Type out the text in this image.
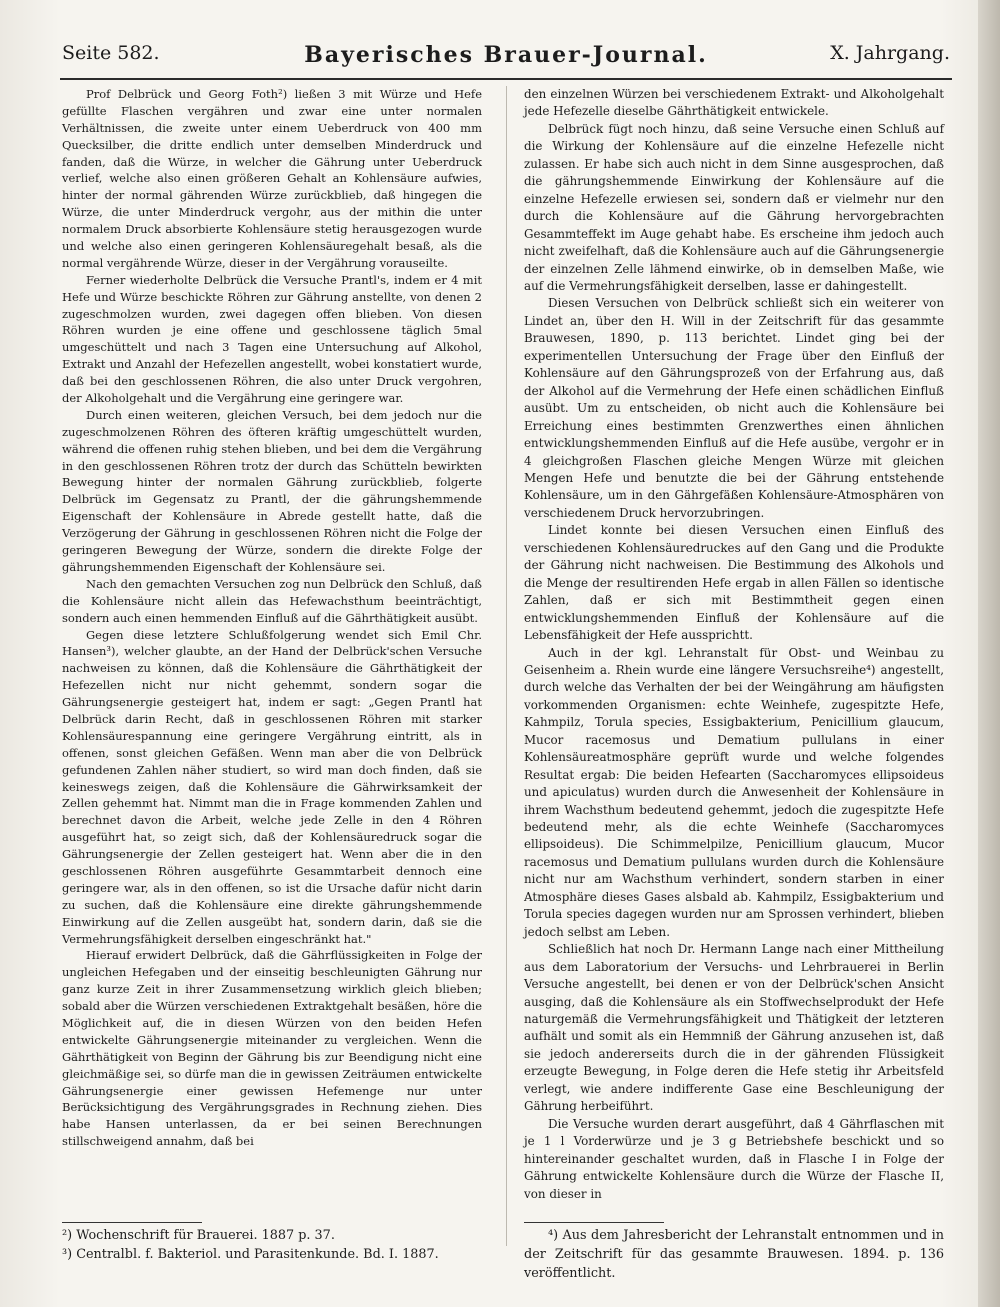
Seite 582.	Bayerisches Brauer-Journal.	X. Jahrgang.

Prof Delbrück und Georg Foth²) ließen 3 mit Würze und Hefe gefüllte Flaschen vergähren und zwar eine unter normalen Verhältnissen, die zweite unter einem Ueberdruck von 400 mm Quecksilber, die dritte endlich unter demselben Minderdruck und fanden, daß die Würze, in welcher die Gährung unter Ueberdruck verlief, welche also einen größeren Gehalt an Kohlensäure aufwies, hinter der normal gährenden Würze zurückblieb, daß hingegen die Würze, die unter Minderdruck vergohr, aus der mithin die unter normalem Druck absorbierte Kohlensäure stetig herausgezogen wurde und welche also einen geringeren Kohlensäuregehalt besaß, als die normal vergährende Würze, dieser in der Vergährung vorauseilte.

Ferner wiederholte Delbrück die Versuche Prantl's, indem er 4 mit Hefe und Würze beschickte Röhren zur Gährung anstellte, von denen 2 zugeschmolzen wurden, zwei dagegen offen blieben. Von diesen Röhren wurden je eine offene und geschlossene täglich 5mal umgeschüttelt und nach 3 Tagen eine Untersuchung auf Alkohol, Extrakt und Anzahl der Hefezellen angestellt, wobei konstatiert wurde, daß bei den geschlossenen Röhren, die also unter Druck vergohren, der Alkoholgehalt und die Vergährung eine geringere war.

Durch einen weiteren, gleichen Versuch, bei dem jedoch nur die zugeschmolzenen Röhren des öfteren kräftig umgeschüttelt wurden, während die offenen ruhig stehen blieben, und bei dem die Vergährung in den geschlossenen Röhren trotz der durch das Schütteln bewirkten Bewegung hinter der normalen Gährung zurückblieb, folgerte Delbrück im Gegensatz zu Prantl, der die gährungshemmende Eigenschaft der Kohlensäure in Abrede gestellt hatte, daß die Verzögerung der Gährung in geschlossenen Röhren nicht die Folge der geringeren Bewegung der Würze, sondern die direkte Folge der gährungshemmenden Eigenschaft der Kohlensäure sei.

Nach den gemachten Versuchen zog nun Delbrück den Schluß, daß die Kohlensäure nicht allein das Hefewachsthum beeinträchtigt, sondern auch einen hemmenden Einfluß auf die Gährthätigkeit ausübt.

Gegen diese letztere Schlußfolgerung wendet sich Emil Chr. Hansen³), welcher glaubte, an der Hand der Delbrück'schen Versuche nachweisen zu können, daß die Kohlensäure die Gährthätigkeit der Hefezellen nicht nur nicht gehemmt, sondern sogar die Gährungsenergie gesteigert hat, indem er sagt: „Gegen Prantl hat Delbrück darin Recht, daß in geschlossenen Röhren mit starker Kohlensäurespannung eine geringere Vergährung eintritt, als in offenen, sonst gleichen Gefäßen. Wenn man aber die von Delbrück gefundenen Zahlen näher studiert, so wird man doch finden, daß sie keineswegs zeigen, daß die Kohlensäure die Gährwirksamkeit der Zellen gehemmt hat. Nimmt man die in Frage kommenden Zahlen und berechnet davon die Arbeit, welche jede Zelle in den 4 Röhren ausgeführt hat, so zeigt sich, daß der Kohlensäuredruck sogar die Gährungsenergie der Zellen gesteigert hat. Wenn aber die in den geschlossenen Röhren ausgeführte Gesammtarbeit dennoch eine geringere war, als in den offenen, so ist die Ursache dafür nicht darin zu suchen, daß die Kohlensäure eine direkte gährungshemmende Einwirkung auf die Zellen ausgeübt hat, sondern darin, daß sie die Vermehrungsfähigkeit derselben eingeschränkt hat."

Hierauf erwidert Delbrück, daß die Gährflüssigkeiten in Folge der ungleichen Hefegaben und der einseitig beschleunigten Gährung nur ganz kurze Zeit in ihrer Zusammensetzung wirklich gleich blieben; sobald aber die Würzen verschiedenen Extraktgehalt besäßen, höre die Möglichkeit auf, die in diesen Würzen von den beiden Hefen entwickelte Gährungsenergie miteinander zu vergleichen. Wenn die Gährthätigkeit von Beginn der Gährung bis zur Beendigung nicht eine gleichmäßige sei, so dürfe man die in gewissen Zeiträumen entwickelte Gährungsenergie einer gewissen Hefemenge nur unter Berücksichtigung des Vergährungsgrades in Rechnung ziehen. Dies habe Hansen unterlassen, da er bei seinen Berechnungen stillschweigend annahm, daß bei

den einzelnen Würzen bei verschiedenem Extrakt- und Alkoholgehalt jede Hefezelle dieselbe Gährthätigkeit entwickele.

Delbrück fügt noch hinzu, daß seine Versuche einen Schluß auf die Wirkung der Kohlensäure auf die einzelne Hefezelle nicht zulassen. Er habe sich auch nicht in dem Sinne ausgesprochen, daß die gährungshemmende Einwirkung der Kohlensäure auf die einzelne Hefezelle erwiesen sei, sondern daß er vielmehr nur den durch die Kohlensäure auf die Gährung hervorgebrachten Gesammteffekt im Auge gehabt habe. Es erscheine ihm jedoch auch nicht zweifelhaft, daß die Kohlensäure auch auf die Gährungsenergie der einzelnen Zelle lähmend einwirke, ob in demselben Maße, wie auf die Vermehrungsfähigkeit derselben, lasse er dahingestellt.

Diesen Versuchen von Delbrück schließt sich ein weiterer von Lindet an, über den H. Will in der Zeitschrift für das gesammte Brauwesen, 1890, p. 113 berichtet. Lindet ging bei der experimentellen Untersuchung der Frage über den Einfluß der Kohlensäure auf den Gährungsprozeß von der Erfahrung aus, daß der Alkohol auf die Vermehrung der Hefe einen schädlichen Einfluß ausübt. Um zu entscheiden, ob nicht auch die Kohlensäure bei Erreichung eines bestimmten Grenzwerthes einen ähnlichen entwicklungshemmenden Einfluß auf die Hefe ausübe, vergohr er in 4 gleichgroßen Flaschen gleiche Mengen Würze mit gleichen Mengen Hefe und benutzte die bei der Gährung entstehende Kohlensäure, um in den Gährgefäßen Kohlensäure-Atmosphären von verschiedenem Druck hervorzubringen.

Lindet konnte bei diesen Versuchen einen Einfluß des verschiedenen Kohlensäuredruckes auf den Gang und die Produkte der Gährung nicht nachweisen. Die Bestimmung des Alkohols und die Menge der resultirenden Hefe ergab in allen Fällen so identische Zahlen, daß er sich mit Bestimmtheit gegen einen entwicklungshemmenden Einfluß der Kohlensäure auf die Lebensfähigkeit der Hefe aussprichtt.

Auch in der kgl. Lehranstalt für Obst- und Weinbau zu Geisenheim a. Rhein wurde eine längere Versuchsreihe⁴) angestellt, durch welche das Verhalten der bei der Weingährung am häufigsten vorkommenden Organismen: echte Weinhefe, zugespitzte Hefe, Kahmpilz, Torula species, Essigbakterium, Penicillium glaucum, Mucor racemosus und Dematium pullulans in einer Kohlensäureatmosphäre geprüft wurde und welche folgendes Resultat ergab: Die beiden Hefearten (Saccharomyces ellipsoideus und apiculatus) wurden durch die Anwesenheit der Kohlensäure in ihrem Wachsthum bedeutend gehemmt, jedoch die zugespitzte Hefe bedeutend mehr, als die echte Weinhefe (Saccharomyces ellipsoideus). Die Schimmelpilze, Penicillium glaucum, Mucor racemosus und Dematium pullulans wurden durch die Kohlensäure nicht nur am Wachsthum verhindert, sondern starben in einer Atmosphäre dieses Gases alsbald ab. Kahmpilz, Essigbakterium und Torula species dagegen wurden nur am Sprossen verhindert, blieben jedoch selbst am Leben.

Schließlich hat noch Dr. Hermann Lange nach einer Mittheilung aus dem Laboratorium der Versuchs- und Lehrbrauerei in Berlin Versuche angestellt, bei denen er von der Delbrück'schen Ansicht ausging, daß die Kohlensäure als ein Stoffwechselprodukt der Hefe naturgemäß die Vermehrungsfähigkeit und Thätigkeit der letzteren aufhält und somit als ein Hemmniß der Gährung anzusehen ist, daß sie jedoch andererseits durch die in der gährenden Flüssigkeit erzeugte Bewegung, in Folge deren die Hefe stetig ihr Arbeitsfeld verlegt, wie andere indifferente Gase eine Beschleunigung der Gährung herbeiführt.

Die Versuche wurden derart ausgeführt, daß 4 Gährflaschen mit je 1 l Vorderwürze und je 3 g Betriebshefe beschickt und so hintereinander geschaltet wurden, daß in Flasche I in Folge der Gährung entwickelte Kohlensäure durch die Würze der Flasche II, von dieser in

²) Wochenschrift für Brauerei. 1887 p. 37.
³) Centralbl. f. Bakteriol. und Parasitenkunde. Bd. I. 1887.
⁴) Aus dem Jahresbericht der Lehranstalt entnommen und in der Zeitschrift für das gesammte Brauwesen. 1894. p. 136 veröffentlicht.
